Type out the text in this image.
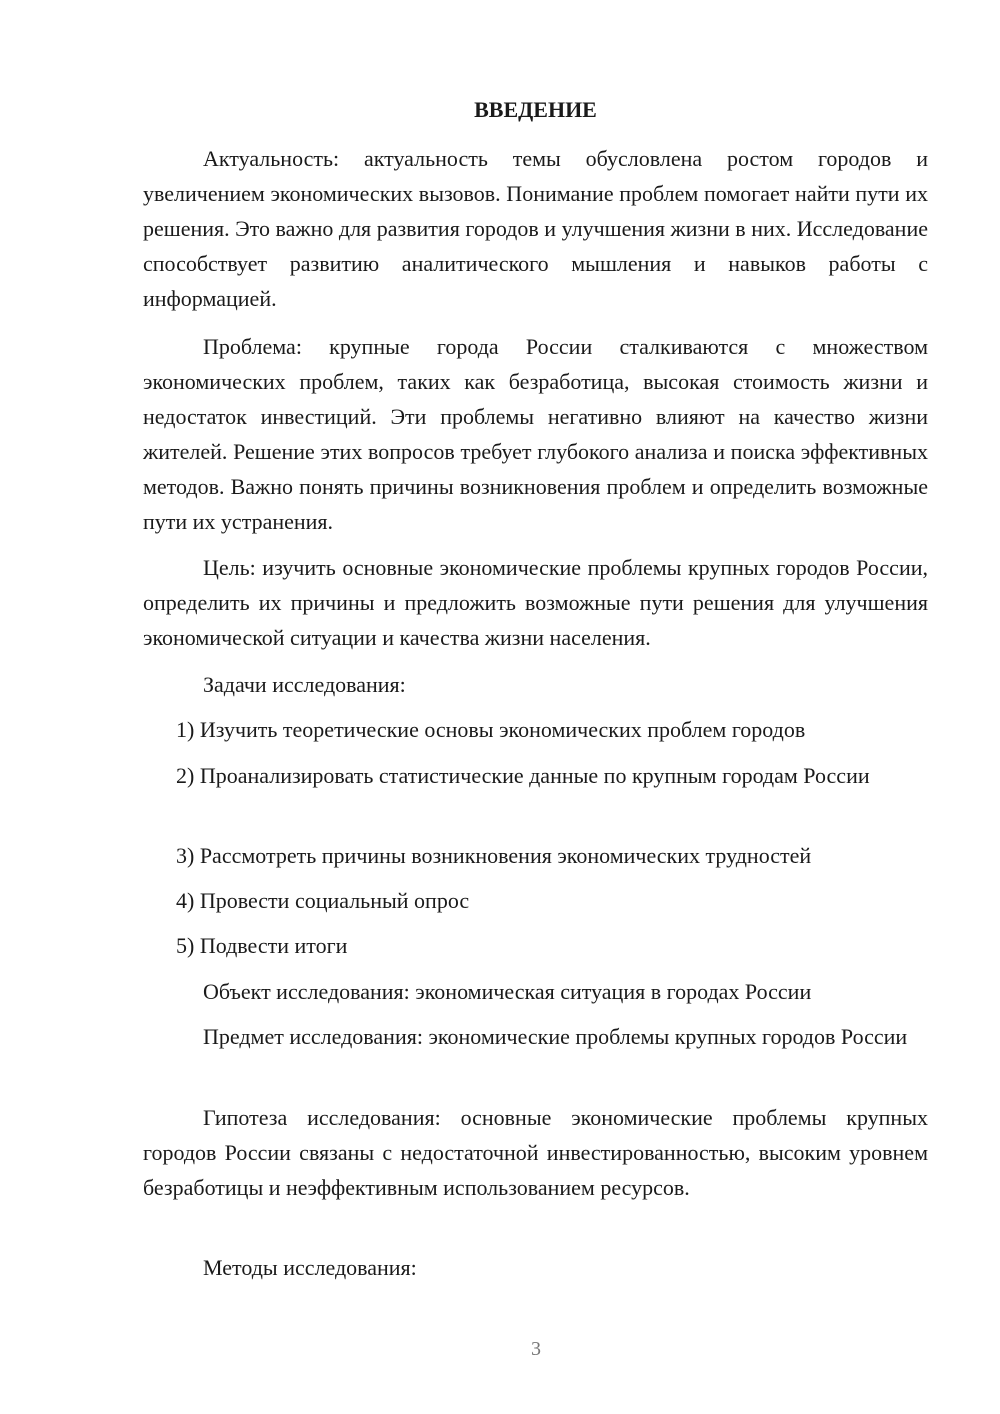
ВВЕДЕНИЕ

Актуальность: актуальность темы обусловлена ростом городов и увеличением экономических вызовов. Понимание проблем помогает найти пути их решения. Это важно для развития городов и улучшения жизни в них. Исследование способствует развитию аналитического мышления и навыков работы с информацией.

Проблема: крупные города России сталкиваются с множеством экономических проблем, таких как безработица, высокая стоимость жизни и недостаток инвестиций. Эти проблемы негативно влияют на качество жизни жителей. Решение этих вопросов требует глубокого анализа и поиска эффективных методов. Важно понять причины возникновения проблем и определить возможные пути их устранения.

Цель: изучить основные экономические проблемы крупных городов России, определить их причины и предложить возможные пути решения для улучшения экономической ситуации и качества жизни населения.

Задачи исследования:

1) Изучить теоретические основы экономических проблем городов

2) Проанализировать статистические данные по крупным городам России

3) Рассмотреть причины возникновения экономических трудностей

4) Провести социальный опрос

5) Подвести итоги

Объект исследования: экономическая ситуация в городах России

Предмет исследования: экономические проблемы крупных городов России

Гипотеза исследования: основные экономические проблемы крупных городов России связаны с недостаточной инвестированностью, высоким уровнем безработицы и неэффективным использованием ресурсов.

Методы исследования:

3
